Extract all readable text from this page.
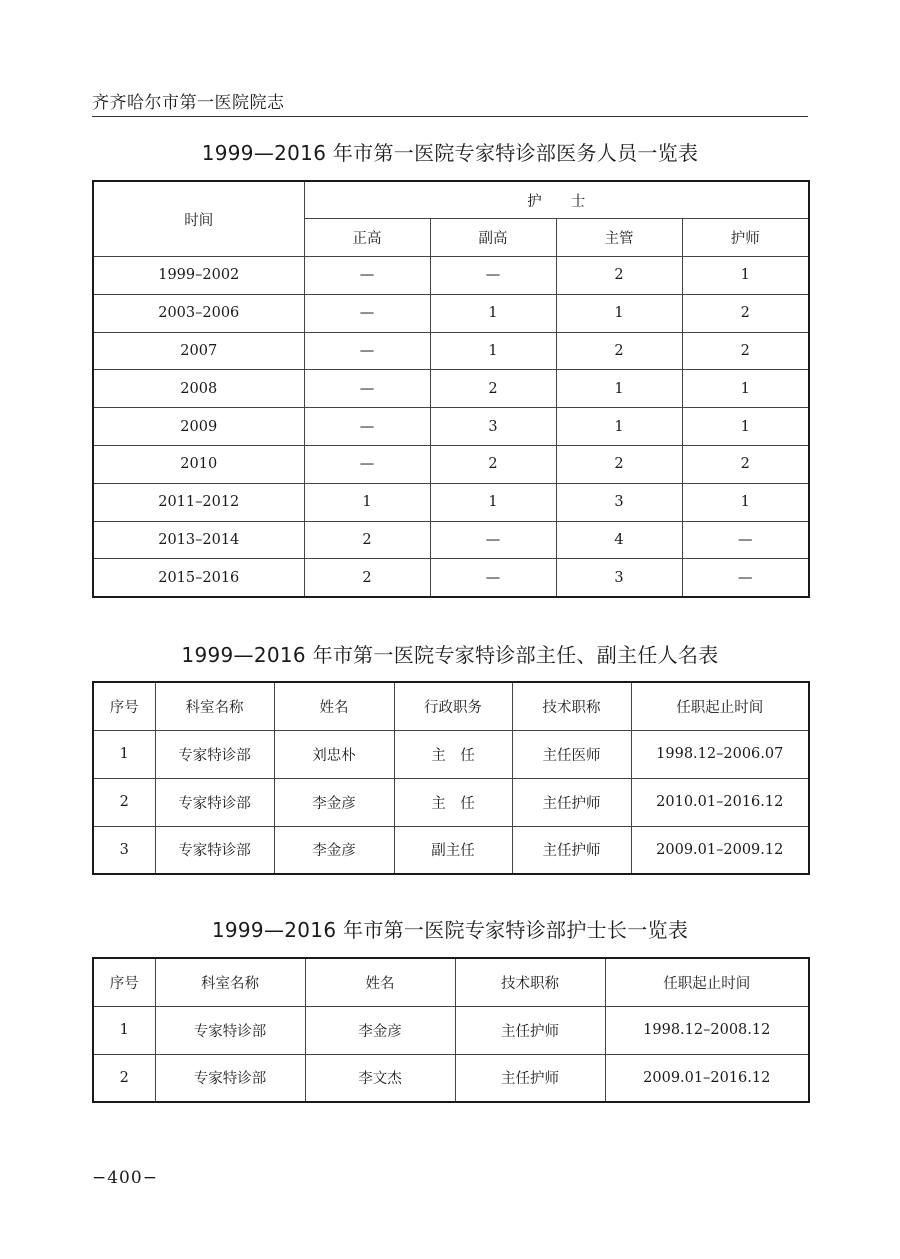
齐齐哈尔市第一医院院志
1999—2016 年市第一医院专家特诊部医务人员一览表
时间	护　　士			
	正高	副高	主管	护师
1999–2002	—	—	2	1
2003–2006	—	1	1	2
2007	—	1	2	2
2008	—	2	1	1
2009	—	3	1	1
2010	—	2	2	2
2011–2012	1	1	3	1
2013–2014	2	—	4	—
2015–2016	2	—	3	—
1999—2016 年市第一医院专家特诊部主任、副主任人名表
序号	科室名称	姓名	行政职务	技术职称	任职起止时间
1	专家特诊部	刘忠朴	主　任	主任医师	1998.12–2006.07
2	专家特诊部	李金彦	主　任	主任护师	2010.01–2016.12
3	专家特诊部	李金彦	副主任	主任护师	2009.01–2009.12
1999—2016 年市第一医院专家特诊部护士长一览表
序号	科室名称	姓名	技术职称	任职起止时间
1	专家特诊部	李金彦	主任护师	1998.12–2008.12
2	专家特诊部	李文杰	主任护师	2009.01–2016.12
−400−
